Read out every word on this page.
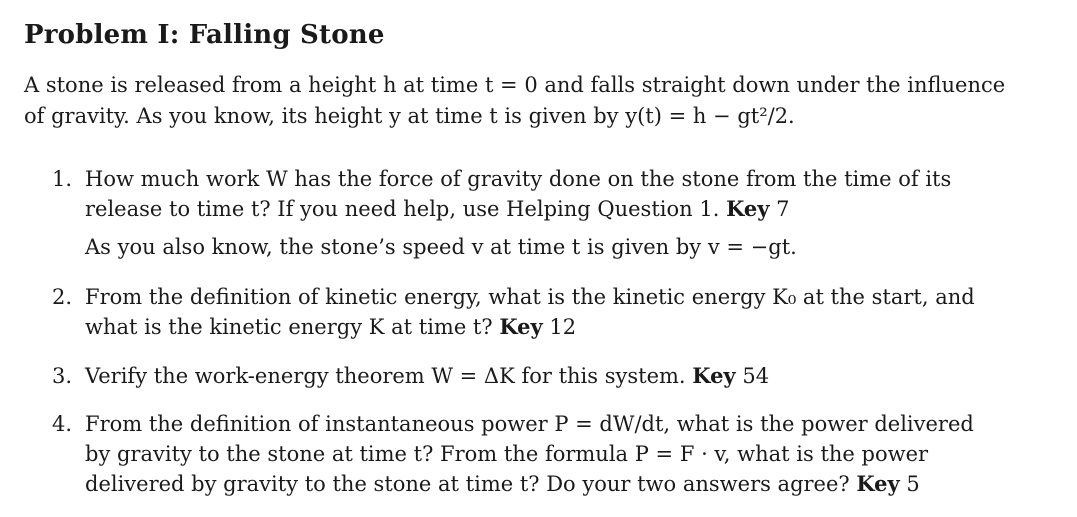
Problem I: Falling Stone
A stone is released from a height h at time t = 0 and falls straight down under the influence
of gravity. As you know, its height y at time t is given by y(t) = h − gt²/2.
1. How much work W has the force of gravity done on the stone from the time of its
release to time t? If you need help, use Helping Question 1. Key 7

As you also know, the stone’s speed v at time t is given by v = −gt.

2. From the definition of kinetic energy, what is the kinetic energy K₀ at the start, and
what is the kinetic energy K at time t? Key 12
3. Verify the work-energy theorem W = ΔK for this system. Key 54
4. From the definition of instantaneous power P = dW/dt, what is the power delivered
by gravity to the stone at time t? From the formula P = F · v, what is the power
delivered by gravity to the stone at time t? Do your two answers agree? Key 5
